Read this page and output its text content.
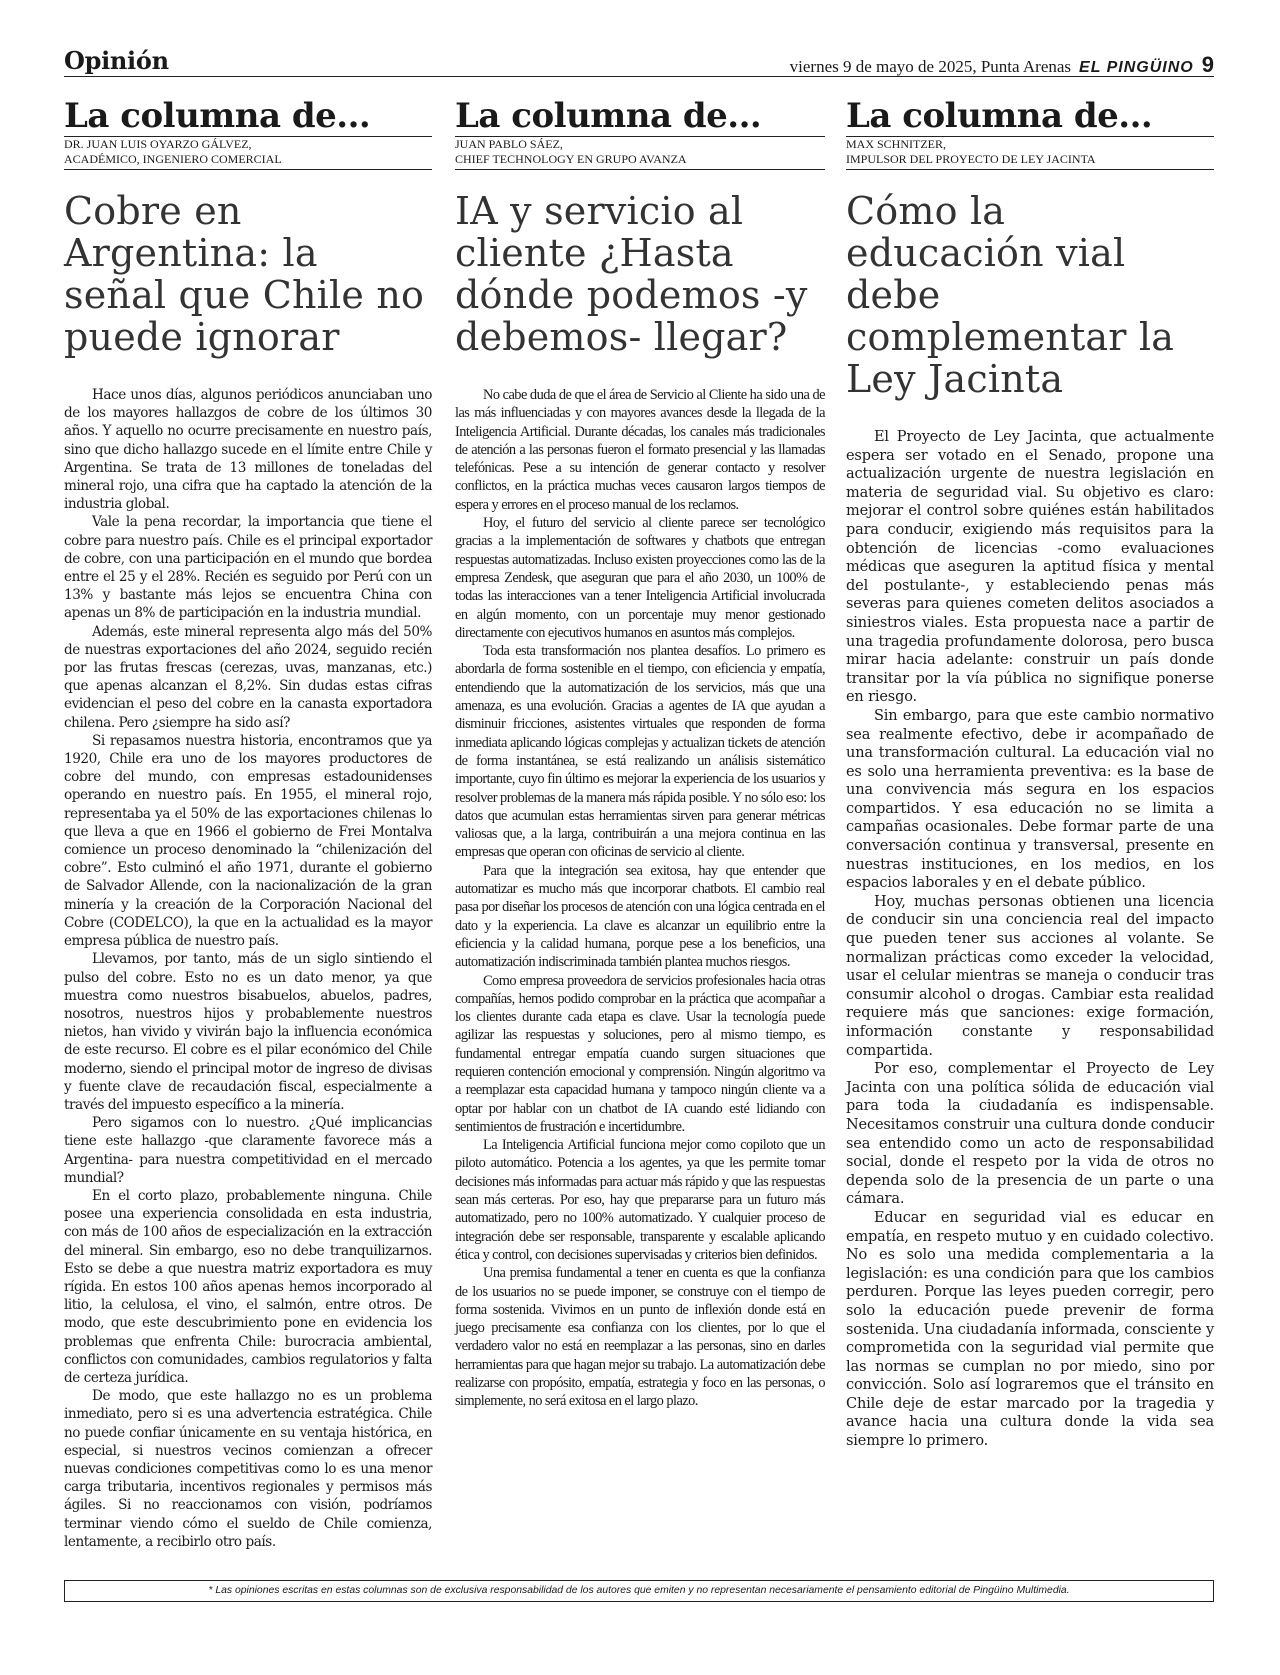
Opinión	viernes 9 de mayo de 2025, Punta Arenas EL PINGÜINO 9
La columna de...
DR. JUAN LUIS OYARZO GÁLVEZ,
ACADÉMICO, INGENIERO COMERCIAL
Cobre en Argentina: la señal que Chile no puede ignorar

Hace unos días, algunos periódicos anunciaban uno de los mayores hallazgos de cobre de los últimos 30 años. Y aquello no ocurre precisamente en nuestro país, sino que dicho hallazgo sucede en el límite entre Chile y Argentina. Se trata de 13 millones de toneladas del mineral rojo, una cifra que ha captado la atención de la industria global.

Vale la pena recordar, la importancia que tiene el cobre para nuestro país. Chile es el principal exportador de cobre, con una participación en el mundo que bordea entre el 25 y el 28%. Recién es seguido por Perú con un 13% y bastante más lejos se encuentra China con apenas un 8% de participación en la industria mundial.

Además, este mineral representa algo más del 50% de nuestras exportaciones del año 2024, seguido recién por las frutas frescas (cerezas, uvas, manzanas, etc.) que apenas alcanzan el 8,2%. Sin dudas estas cifras evidencian el peso del cobre en la canasta exportadora chilena. Pero ¿siempre ha sido así?

Si repasamos nuestra historia, encontramos que ya 1920, Chile era uno de los mayores productores de cobre del mundo, con empresas estadounidenses operando en nuestro país. En 1955, el mineral rojo, representaba ya el 50% de las exportaciones chilenas lo que lleva a que en 1966 el gobierno de Frei Montalva comience un proceso denominado la “chilenización del cobre”. Esto culminó el año 1971, durante el gobierno de Salvador Allende, con la nacionalización de la gran minería y la creación de la Corporación Nacional del Cobre (CODELCO), la que en la actualidad es la mayor empresa pública de nuestro país.

Llevamos, por tanto, más de un siglo sintiendo el pulso del cobre. Esto no es un dato menor, ya que muestra como nuestros bisabuelos, abuelos, padres, nosotros, nuestros hijos y probablemente nuestros nietos, han vivido y vivirán bajo la influencia económica de este recurso. El cobre es el pilar económico del Chile moderno, siendo el principal motor de ingreso de divisas y fuente clave de recaudación fiscal, especialmente a través del impuesto específico a la minería.

Pero sigamos con lo nuestro. ¿Qué implicancias tiene este hallazgo -que claramente favorece más a Argentina- para nuestra competitividad en el mercado mundial?

En el corto plazo, probablemente ninguna. Chile posee una experiencia consolidada en esta industria, con más de 100 años de especialización en la extracción del mineral. Sin embargo, eso no debe tranquilizarnos. Esto se debe a que nuestra matriz exportadora es muy rígida. En estos 100 años apenas hemos incorporado al litio, la celulosa, el vino, el salmón, entre otros. De modo, que este descubrimiento pone en evidencia los problemas que enfrenta Chile: burocracia ambiental, conflictos con comunidades, cambios regulatorios y falta de certeza jurídica.

De modo, que este hallazgo no es un problema inmediato, pero si es una advertencia estratégica. Chile no puede confiar únicamente en su ventaja histórica, en especial, si nuestros vecinos comienzan a ofrecer nuevas condiciones competitivas como lo es una menor carga tributaria, incentivos regionales y permisos más ágiles. Si no reaccionamos con visión, podríamos terminar viendo cómo el sueldo de Chile comienza, lentamente, a recibirlo otro país.

La columna de...
JUAN PABLO SÁEZ,
CHIEF TECHNOLOGY EN GRUPO AVANZA
IA y servicio al cliente ¿Hasta dónde podemos -y debemos- llegar?

No cabe duda de que el área de Servicio al Cliente ha sido una de las más influenciadas y con mayores avances desde la llegada de la Inteligencia Artificial. Durante décadas, los canales más tradicionales de atención a las personas fueron el formato presencial y las llamadas telefónicas. Pese a su intención de generar contacto y resolver conflictos, en la práctica muchas veces causaron largos tiempos de espera y errores en el proceso manual de los reclamos.

Hoy, el futuro del servicio al cliente parece ser tecnológico gracias a la implementación de softwares y chatbots que entregan respuestas automatizadas. Incluso existen proyecciones como las de la empresa Zendesk, que aseguran que para el año 2030, un 100% de todas las interacciones van a tener Inteligencia Artificial involucrada en algún momento, con un porcentaje muy menor gestionado directamente con ejecutivos humanos en asuntos más complejos.

Toda esta transformación nos plantea desafíos. Lo primero es abordarla de forma sostenible en el tiempo, con eficiencia y empatía, entendiendo que la automatización de los servicios, más que una amenaza, es una evolución. Gracias a agentes de IA que ayudan a disminuir fricciones, asistentes virtuales que responden de forma inmediata aplicando lógicas complejas y actualizan tickets de atención de forma instantánea, se está realizando un análisis sistemático importante, cuyo fin último es mejorar la experiencia de los usuarios y resolver problemas de la manera más rápida posible. Y no sólo eso: los datos que acumulan estas herramientas sirven para generar métricas valiosas que, a la larga, contribuirán a una mejora continua en las empresas que operan con oficinas de servicio al cliente.

Para que la integración sea exitosa, hay que entender que automatizar es mucho más que incorporar chatbots. El cambio real pasa por diseñar los procesos de atención con una lógica centrada en el dato y la experiencia. La clave es alcanzar un equilibrio entre la eficiencia y la calidad humana, porque pese a los beneficios, una automatización indiscriminada también plantea muchos riesgos.

Como empresa proveedora de servicios profesionales hacia otras compañías, hemos podido comprobar en la práctica que acompañar a los clientes durante cada etapa es clave. Usar la tecnología puede agilizar las respuestas y soluciones, pero al mismo tiempo, es fundamental entregar empatía cuando surgen situaciones que requieren contención emocional y comprensión. Ningún algoritmo va a reemplazar esta capacidad humana y tampoco ningún cliente va a optar por hablar con un chatbot de IA cuando esté lidiando con sentimientos de frustración e incertidumbre.

La Inteligencia Artificial funciona mejor como copiloto que un piloto automático. Potencia a los agentes, ya que les permite tomar decisiones más informadas para actuar más rápido y que las respuestas sean más certeras. Por eso, hay que prepararse para un futuro más automatizado, pero no 100% automatizado. Y cualquier proceso de integración debe ser responsable, transparente y escalable aplicando ética y control, con decisiones supervisadas y criterios bien definidos.

Una premisa fundamental a tener en cuenta es que la confianza de los usuarios no se puede imponer, se construye con el tiempo de forma sostenida. Vivimos en un punto de inflexión donde está en juego precisamente esa confianza con los clientes, por lo que el verdadero valor no está en reemplazar a las personas, sino en darles herramientas para que hagan mejor su trabajo. La automatización debe realizarse con propósito, empatía, estrategia y foco en las personas, o simplemente, no será exitosa en el largo plazo.

La columna de...
MAX SCHNITZER,
IMPULSOR DEL PROYECTO DE LEY JACINTA
Cómo la educación vial debe complementar la Ley Jacinta

El Proyecto de Ley Jacinta, que actualmente espera ser votado en el Senado, propone una actualización urgente de nuestra legislación en materia de seguridad vial. Su objetivo es claro: mejorar el control sobre quiénes están habilitados para conducir, exigiendo más requisitos para la obtención de licencias -como evaluaciones médicas que aseguren la aptitud física y mental del postulante-, y estableciendo penas más severas para quienes cometen delitos asociados a siniestros viales. Esta propuesta nace a partir de una tragedia profundamente dolorosa, pero busca mirar hacia adelante: construir un país donde transitar por la vía pública no signifique ponerse en riesgo.

Sin embargo, para que este cambio normativo sea realmente efectivo, debe ir acompañado de una transformación cultural. La educación vial no es solo una herramienta preventiva: es la base de una convivencia más segura en los espacios compartidos. Y esa educación no se limita a campañas ocasionales. Debe formar parte de una conversación continua y transversal, presente en nuestras instituciones, en los medios, en los espacios laborales y en el debate público.

Hoy, muchas personas obtienen una licencia de conducir sin una conciencia real del impacto que pueden tener sus acciones al volante. Se normalizan prácticas como exceder la velocidad, usar el celular mientras se maneja o conducir tras consumir alcohol o drogas. Cambiar esta realidad requiere más que sanciones: exige formación, información constante y responsabilidad compartida.

Por eso, complementar el Proyecto de Ley Jacinta con una política sólida de educación vial para toda la ciudadanía es indispensable. Necesitamos construir una cultura donde conducir sea entendido como un acto de responsabilidad social, donde el respeto por la vida de otros no dependa solo de la presencia de un parte o una cámara.

Educar en seguridad vial es educar en empatía, en respeto mutuo y en cuidado colectivo. No es solo una medida complementaria a la legislación: es una condición para que los cambios perduren. Porque las leyes pueden corregir, pero solo la educación puede prevenir de forma sostenida. Una ciudadanía informada, consciente y comprometida con la seguridad vial permite que las normas se cumplan no por miedo, sino por convicción. Solo así lograremos que el tránsito en Chile deje de estar marcado por la tragedia y avance hacia una cultura donde la vida sea siempre lo primero.

* Las opiniones escritas en estas columnas son de exclusiva responsabilidad de los autores que emiten y no representan necesariamente el pensamiento editorial de Pingüino Multimedia.
